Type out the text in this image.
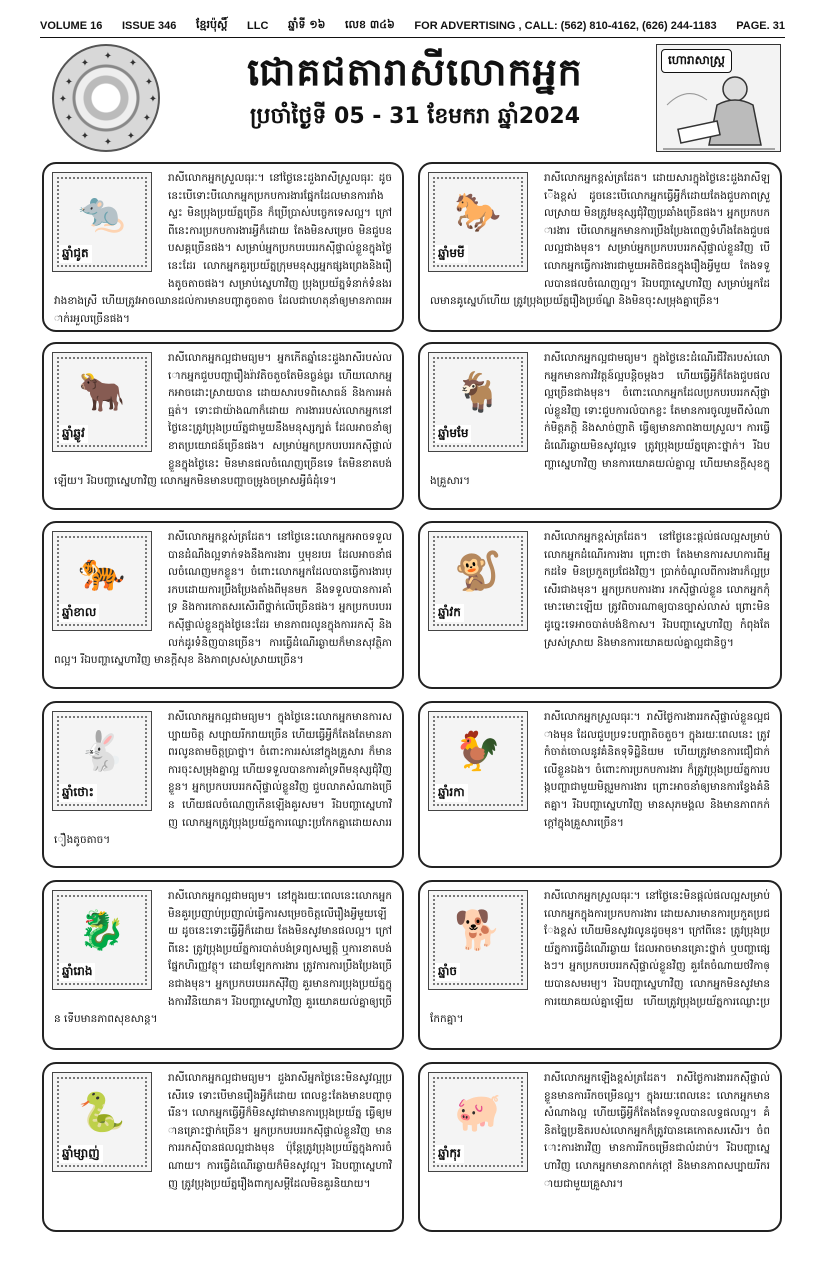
VOLUME 16 ISSUE 346 ខ្មែរប៉ុស្តិ៍ LLC ឆ្នាំទី ១៦ លេខ ៣៤៦ FOR ADVERTISING , CALL: (562) 810-4162, (626) 244-1183 PAGE. 31
✦
✦
✦
✦
✦
✦
✦
✦
✦
✦
✦
✦	ជោគជតារាសីលោកអ្នក
ប្រចាំថ្ងៃទី 05 - 31 ខែមករា ឆ្នាំ2024
ហោរាសាស្ត្រ
🐀
ឆ្នាំជូត
រាសីលោកអ្នកស្រួលធុរៈ។ នៅថ្ងៃនេះដួងរាសីស្រួលធុរៈ ដូចនេះបើទោះបីលោកអ្នកប្រកបការងារផ្នែកដែលមានការរាំងស្ទះ មិនប្រុងប្រយ័ត្នច្រើន ក៏ប្រើប្រាស់បច្ចេកទេសល្អ។ ក្រៅពីនេះការប្រកបការងារអ្វីក៏ដោយ តែងមិនសម្រេច មិនជួបឧបសគ្គច្រើនផង។ សម្រាប់អ្នកប្រកបរបររកស៊ីផ្ទាល់ខ្លួនក្នុងថ្ងៃនេះដែរ លោកអ្នកគួរប្រយ័ត្នក្រុមមនុស្សអ្នកផ្សងព្រេងនិងរឿងតូចតាចផង។ សម្រាប់ស្នេហាវិញ ប្រុងប្រយ័ត្នទំនាក់ទំនងរវាងខាងស្រី ហើយត្រូវអាចឈានដល់ការមានបញ្ហាតូចតាច ដែលជាហេតុនាំឲ្យមានភាពរអាក់រអួលច្រើនផង។
🐂
ឆ្នាំឆ្លូវ
រាសីលោកអ្នកល្អជាមធ្យម។ អ្នកកើតឆ្នាំនេះដួងរាសីរបស់លោកអ្នកជួបបញ្ហារឿងរ៉ាវតិចតួចតែមិនធ្ងន់ធ្ងរ ហើយលោកអ្នកអាចដោះស្រាយបាន ដោយសារបទពិសោធន៍ និងការអត់ធ្មត់។ ទោះជាយ៉ាងណាក៏ដោយ ការងាររបស់លោកអ្នកនៅថ្ងៃនេះត្រូវប្រុងប្រយ័ត្នជាមួយនឹងមនុស្សក្បត់ ដែលអាចនាំឲ្យខាតប្រយោជន៍ច្រើនផង។ សម្រាប់អ្នកប្រកបរបររកស៊ីផ្ទាល់ខ្លួនក្នុងថ្ងៃនេះ មិនមានផលចំណេញច្រើនទេ តែមិនខាតបង់ឡើយ។ រីឯបញ្ហាស្នេហាវិញ លោកអ្នកមិនមានបញ្ហាចម្រូងចម្រាសអ្វីធំដុំទេ។
🐅
ឆ្នាំខាល
រាសីលោកអ្នកខ្ពស់ត្រដែត។ នៅថ្ងៃនេះលោកអ្នកអាចទទួលបានដំណឹងល្អទាក់ទងនឹងការងារ ឬមុខរបរ ដែលអាចនាំផលចំណេញមកខ្លួន។ ចំពោះលោកអ្នកដែលបានធ្វើការងារប្រកបដោយការប្រឹងប្រែងតាំងពីមុនមក នឹងទទួលបានការគាំទ្រ និងការកោតសរសើរពីថ្នាក់លើច្រើនផង។ អ្នកប្រកបរបររកស៊ីផ្ទាល់ខ្លួនក្នុងថ្ងៃនេះដែរ មានភាពរលូនក្នុងការរកស៊ី និងលក់ដូរទំនិញបានច្រើន។ ការធ្វើដំណើរឆ្ងាយក៏មានសុវត្ថិភាពល្អ។ រីឯបញ្ហាស្នេហាវិញ មានក្តីសុខ និងភាពស្រស់ស្រាយច្រើន។
🐇
ឆ្នាំថោះ
រាសីលោកអ្នកល្អជាមធ្យម។ ក្នុងថ្ងៃនេះលោកអ្នកមានការសប្បាយចិត្ត សប្បាយរីករាយច្រើន ហើយធ្វើអ្វីក៏តែងតែមានភាពរលូនតាមចិត្តប្រាថ្នា។ ចំពោះការរស់នៅក្នុងគ្រួសារ ក៏មានការចុះសម្រុងគ្នាល្អ ហើយទទួលបានការគាំទ្រពីមនុស្សជុំវិញខ្លួន។ អ្នកប្រកបរបររកស៊ីផ្ទាល់ខ្លួនវិញ ជួបលាភសំណាងច្រើន ហើយផលចំណេញកើនឡើងគួរសម។ រីឯបញ្ហាស្នេហាវិញ លោកអ្នកត្រូវប្រុងប្រយ័ត្នការឈ្លោះប្រកែកគ្នាដោយសាររឿងតូចតាច។
🐉
ឆ្នាំរោង
រាសីលោកអ្នកល្អជាមធ្យម។ នៅក្នុងរយៈពេលនេះលោកអ្នកមិនគួរប្រញាប់ប្រញាល់ធ្វើការសម្រេចចិត្តលើរឿងអ្វីមួយឡើយ ដូចនេះទោះធ្វើអ្វីក៏ដោយ តែងមិនសូវមានផលល្អ។ ក្រៅពីនេះ ត្រូវប្រុងប្រយ័ត្នការបាត់បង់ទ្រព្យសម្បត្តិ ឬការខាតបង់ផ្នែកហិរញ្ញវត្ថុ។ ដោយឡែកការងារ ត្រូវការការប្រឹងប្រែងច្រើនជាងមុន។ អ្នកប្រកបរបររកស៊ីវិញ គួរមានការប្រុងប្រយ័ត្នក្នុងការវិនិយោគ។ រីឯបញ្ហាស្នេហាវិញ គួរយោគយល់គ្នាឲ្យច្រើន ទើបមានភាពសុខសាន្ត។
🐍
ឆ្នាំម្សាញ់
រាសីលោកអ្នកល្អជាមធ្យម។ ដួងរាសីអ្នកថ្ងៃនេះមិនសូវល្អប្រសើរទេ ទោះបើមានរឿងអ្វីក៏ដោយ ពេលខ្លះតែងមានបញ្ហាច្រើន។ លោកអ្នកធ្វើអ្វីក៏មិនសូវជាមានការប្រុងប្រយ័ត្ន ធ្វើឲ្យមានគ្រោះថ្នាក់ច្រើន។ អ្នកប្រកបរបររកស៊ីផ្ទាល់ខ្លួនវិញ មានការរកស៊ីបានផលល្អជាងមុន ប៉ុន្តែត្រូវប្រុងប្រយ័ត្នក្នុងការចំណាយ។ ការធ្វើដំណើរឆ្ងាយក៏មិនសូវល្អ។ រីឯបញ្ហាស្នេហាវិញ ត្រូវប្រុងប្រយ័ត្នរឿងពាក្យសម្តីដែលមិនគួរនិយាយ។
🐎
ឆ្នាំមមី
រាសីលោកអ្នកខ្ពស់ត្រដែត។ ដោយសារក្នុងថ្ងៃនេះដួងរាសីឡើងខ្ពស់ ដូចនេះបើលោកអ្នកធ្វើអ្វីក៏ដោយតែងជួបភាពស្រួលស្រាយ មិនត្រូវមនុស្សជុំវិញប្រឆាំងច្រើនផង។ អ្នកប្រកបការងារ បើលោកអ្នកមានការប្រឹងប្រែងពេញទំហឹងតែងជួបផលល្អជាងមុន។ សម្រាប់អ្នកប្រកបរបររកស៊ីផ្ទាល់ខ្លួនវិញ បើលោកអ្នកធ្វើការងារជាមួយអតិថិជនក្នុងរឿងអ្វីមួយ តែងទទួលបានផលចំណេញល្អ។ រីឯបញ្ហាស្នេហាវិញ សម្រាប់អ្នកដែលមានគូស្នេហ៍ហើយ ត្រូវប្រុងប្រយ័ត្នរឿងប្រច័ណ្ឌ និងមិនចុះសម្រុងគ្នាច្រើន។
🐐
ឆ្នាំមមែ
រាសីលោកអ្នកល្អជាមធ្យម។ ក្នុងថ្ងៃនេះដំណើរជីវិតរបស់លោកអ្នកមានការវិវត្តន៍ល្អបន្តិចម្តងៗ ហើយធ្វើអ្វីក៏តែងជួបផលល្អច្រើនជាងមុន។ ចំពោះលោកអ្នកដែលប្រកបរបររកស៊ីផ្ទាល់ខ្លួនវិញ ទោះជួបការលំបាកខ្លះ តែមានការចូលរួមពីសំណាក់មិត្តភក្តិ និងសាច់ញាតិ ធ្វើឲ្យមានភាពងាយស្រួល។ ការធ្វើដំណើរឆ្ងាយមិនសូវល្អទេ ត្រូវប្រុងប្រយ័ត្នគ្រោះថ្នាក់។ រីឯបញ្ហាស្នេហាវិញ មានការយោគយល់គ្នាល្អ ហើយមានក្តីសុខក្នុងគ្រួសារ។
🐒
ឆ្នាំវក
រាសីលោកអ្នកខ្ពស់ត្រដែត។ នៅថ្ងៃនេះផ្តល់ផលល្អសម្រាប់លោកអ្នកដំណើរការងារ ព្រោះថា តែងមានការសហការពីអ្នកដទៃ មិនប្រកួតប្រជែងវិញ។ ប្រាក់ចំណូលពីការងារក៏ល្អប្រសើរជាងមុន។ អ្នកប្រកបការងារ រកស៊ីផ្ទាល់ខ្លួន លោកអ្នកកុំមោះមោះឡើយ ត្រូវពិចារណាឲ្យបានច្បាស់លាស់ ព្រោះមិនដូច្នេះទេអាចបាត់បង់ឱកាស។ រីឯបញ្ហាស្នេហាវិញ កំពុងតែស្រស់ស្រាយ និងមានការយោគយល់គ្នាល្អជានិច្ច។
🐓
ឆ្នាំរកា
រាសីលោកអ្នកស្រួលធុរៈ។ រាសីថ្ងៃការងាររកស៊ីផ្ទាល់ខ្លួនល្អជាងមុន ដែលជួបប្រទះបញ្ហាតិចតួច។ ក្នុងរយៈពេលនេះ ត្រូវកំចាត់ចោលនូវគំនិតទុទិដ្ឋិនិយម ហើយត្រូវមានការជឿជាក់លើខ្លួនឯង។ ចំពោះការប្រកបការងារ ក៏ត្រូវប្រុងប្រយ័ត្នការបង្កបញ្ហាជាមួយមិត្តរួមការងារ ព្រោះអាចនាំឲ្យមានការខ្វែងគំនិតគ្នា។ រីឯបញ្ហាស្នេហាវិញ មានសុភមង្គល និងមានភាពកក់ក្តៅក្នុងគ្រួសារច្រើន។
🐕
ឆ្នាំច
រាសីលោកអ្នកស្រួលធុរៈ។ នៅថ្ងៃនេះមិនផ្តល់ផលល្អសម្រាប់លោកអ្នកក្នុងការប្រកបការងារ ដោយសារមានការប្រកួតប្រជែងខ្ពស់ ហើយមិនសូវរលូនដូចមុន។ ក្រៅពីនេះ ត្រូវប្រុងប្រយ័ត្នការធ្វើដំណើរឆ្ងាយ ដែលអាចមានគ្រោះថ្នាក់ ឬបញ្ហាផ្សេងៗ។ អ្នកប្រកបរបររកស៊ីផ្ទាល់ខ្លួនវិញ គួរតែចំណាយថវិកាឲ្យបានសមរម្យ។ រីឯបញ្ហាស្នេហាវិញ លោកអ្នកមិនសូវមានការយោគយល់គ្នាឡើយ ហើយត្រូវប្រុងប្រយ័ត្នការឈ្លោះប្រកែកគ្នា។
🐖
ឆ្នាំកុរ
រាសីលោកអ្នកឡើងខ្ពស់ត្រដែត។ រាសីថ្ងៃការងាររកស៊ីផ្ទាល់ខ្លួនមានការរីកចម្រើនល្អ។ ក្នុងរយៈពេលនេះ លោកអ្នកមានសំណាងល្អ ហើយធ្វើអ្វីក៏តែងតែទទួលបានលទ្ធផលល្អ។ គំនិតច្នៃប្រឌិតរបស់លោកអ្នកក៏ត្រូវបានគេកោតសរសើរ។ ចំពោះការងារវិញ មានការរីកចម្រើនជាលំដាប់។ រីឯបញ្ហាស្នេហាវិញ លោកអ្នកមានភាពកក់ក្តៅ និងមានភាពសប្បាយរីករាយជាមួយគ្រួសារ។
